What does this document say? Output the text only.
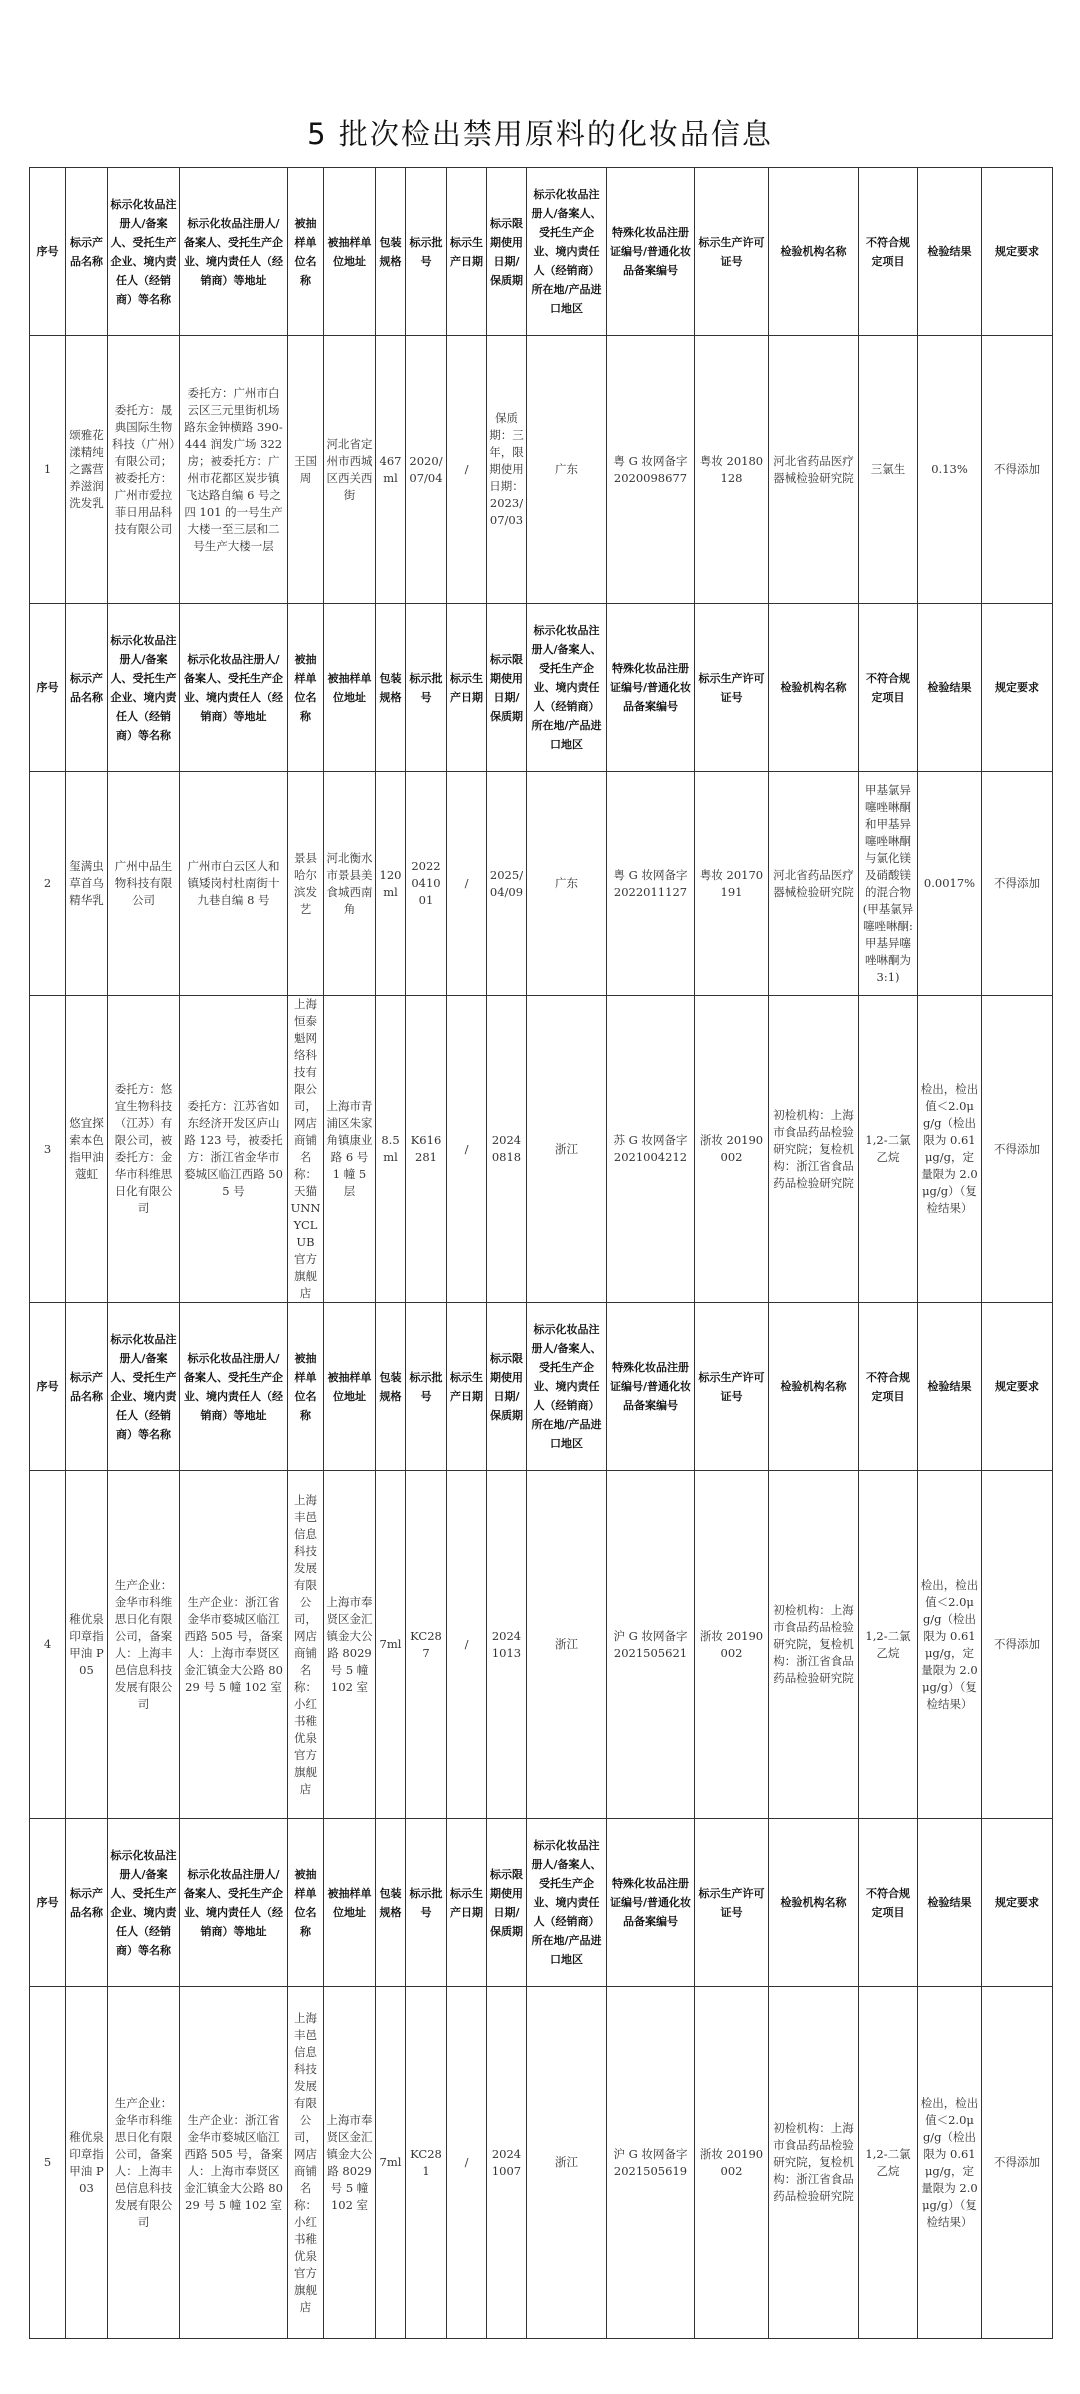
5 批次检出禁用原料的化妆品信息
序号	标示产品名称	标示化妆品注册人/备案人、受托生产企业、境内责任人（经销商）等名称	标示化妆品注册人/备案人、受托生产企业、境内责任人（经销商）等地址	被抽样单位名称	被抽样单位地址	包装规格	标示批号	标示生产日期	标示限期使用日期/保质期	标示化妆品注册人/备案人、受托生产企业、境内责任人（经销商）所在地/产品进口地区	特殊化妆品注册证编号/普通化妆品备案编号	标示生产许可证号	检验机构名称	不符合规定项目	检验结果	规定要求
1	颂雅花漾精纯之露营养滋润洗发乳	委托方：晟典国际生物科技（广州）有限公司；被委托方：广州市爱拉菲日用品科技有限公司	委托方：广州市白云区三元里街机场路东金钟横路 390-444 润发广场 322 房；被委托方：广州市花都区炭步镇飞达路自编 6 号之四 101 的一号生产大楼一至三层和二号生产大楼一层	王国周	河北省定州市西城区西关西街	467ml	2020/07/04	/	保质期：三年，限期使用日期：2023/07/03	广东	粤 G 妆网备字 2020098677	粤妆 20180128	河北省药品医疗器械检验研究院	三氯生	0.13%	不得添加
序号	标示产品名称	标示化妆品注册人/备案人、受托生产企业、境内责任人（经销商）等名称	标示化妆品注册人/备案人、受托生产企业、境内责任人（经销商）等地址	被抽样单位名称	被抽样单位地址	包装规格	标示批号	标示生产日期	标示限期使用日期/保质期	标示化妆品注册人/备案人、受托生产企业、境内责任人（经销商）所在地/产品进口地区	特殊化妆品注册证编号/普通化妆品备案编号	标示生产许可证号	检验机构名称	不符合规定项目	检验结果	规定要求
2	玺满虫草首乌精华乳	广州中品生物科技有限公司	广州市白云区人和镇矮岗村杜南街十九巷自编 8 号	景县哈尔滨发艺	河北衡水市景县美食城西南角	120ml	2022041001	/	2025/04/09	广东	粤 G 妆网备字 2022011127	粤妆 20170191	河北省药品医疗器械检验研究院	甲基氯异噻唑啉酮和甲基异噻唑啉酮与氯化镁及硝酸镁的混合物(甲基氯异噻唑啉酮:甲基异噻唑啉酮为 3:1)	0.0017%	不得添加
3	悠宜探索本色指甲油蔻虹	委托方：悠宜生物科技（江苏）有限公司，被委托方：金华市科维思日化有限公司	委托方：江苏省如东经济开发区庐山路 123 号，被委托方：浙江省金华市婺城区临江西路 505 号	上海恒泰魁网络科技有限公司，网店商铺名称：天猫 UNNYCLUB 官方旗舰店	上海市青浦区朱家角镇康业路 6 号 1 幢 5 层	8.5ml	K616281	/	20240818	浙江	苏 G 妆网备字 2021004212	浙妆 20190002	初检机构：上海市食品药品检验研究院；复检机构：浙江省食品药品检验研究院	1,2-二氯乙烷	检出，检出值＜2.0μg/g（检出限为 0.61μg/g，定量限为 2.0μg/g）（复检结果）	不得添加
序号	标示产品名称	标示化妆品注册人/备案人、受托生产企业、境内责任人（经销商）等名称	标示化妆品注册人/备案人、受托生产企业、境内责任人（经销商）等地址	被抽样单位名称	被抽样单位地址	包装规格	标示批号	标示生产日期	标示限期使用日期/保质期	标示化妆品注册人/备案人、受托生产企业、境内责任人（经销商）所在地/产品进口地区	特殊化妆品注册证编号/普通化妆品备案编号	标示生产许可证号	检验机构名称	不符合规定项目	检验结果	规定要求
4	稚优泉印章指甲油 P05	生产企业：金华市科维思日化有限公司，备案人：上海丰邑信息科技发展有限公司	生产企业：浙江省金华市婺城区临江西路 505 号，备案人：上海市奉贤区金汇镇金大公路 8029 号 5 幢 102 室	上海丰邑信息科技发展有限公司，网店商铺名称：小红书稚优泉官方旗舰店	上海市奉贤区金汇镇金大公路 8029 号 5 幢 102 室	7ml	KC287	/	20241013	浙江	沪 G 妆网备字 2021505621	浙妆 20190002	初检机构：上海市食品药品检验研究院，复检机构：浙江省食品药品检验研究院	1,2-二氯乙烷	检出，检出值＜2.0μg/g（检出限为 0.61μg/g，定量限为 2.0μg/g）（复检结果）	不得添加
序号	标示产品名称	标示化妆品注册人/备案人、受托生产企业、境内责任人（经销商）等名称	标示化妆品注册人/备案人、受托生产企业、境内责任人（经销商）等地址	被抽样单位名称	被抽样单位地址	包装规格	标示批号	标示生产日期	标示限期使用日期/保质期	标示化妆品注册人/备案人、受托生产企业、境内责任人（经销商）所在地/产品进口地区	特殊化妆品注册证编号/普通化妆品备案编号	标示生产许可证号	检验机构名称	不符合规定项目	检验结果	规定要求
5	稚优泉印章指甲油 P03	生产企业：金华市科维思日化有限公司，备案人：上海丰邑信息科技发展有限公司	生产企业：浙江省金华市婺城区临江西路 505 号，备案人：上海市奉贤区金汇镇金大公路 8029 号 5 幢 102 室	上海丰邑信息科技发展有限公司，网店商铺名称：小红书稚优泉官方旗舰店	上海市奉贤区金汇镇金大公路 8029 号 5 幢 102 室	7ml	KC281	/	20241007	浙江	沪 G 妆网备字 2021505619	浙妆 20190002	初检机构：上海市食品药品检验研究院，复检机构：浙江省食品药品检验研究院	1,2-二氯乙烷	检出，检出值＜2.0μg/g（检出限为 0.61μg/g，定量限为 2.0μg/g）（复检结果）	不得添加
